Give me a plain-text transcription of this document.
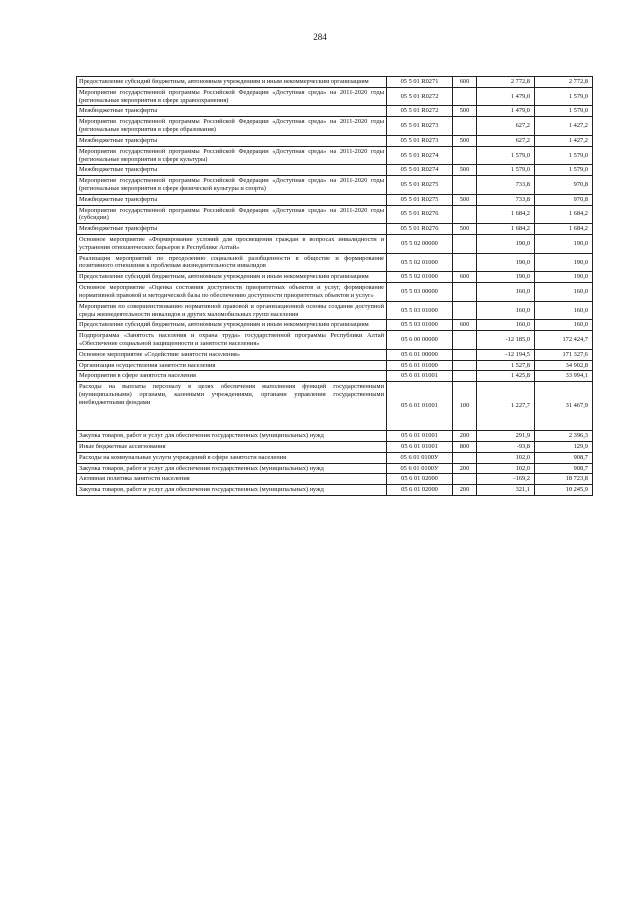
284
Предоставление субсидий бюджетным, автономным учреждениям и иным некоммерческим организациям	05 5 01 R0271	600	2 772,8	2 772,8
Мероприятия государственной программы Российской Федерации «Доступная среда» на 2011-2020 годы (региональные мероприятия в сфере здравоохранения)	05 5 01 R0272		1 479,0	1 579,0
Межбюджетные трансферты	05 5 01 R0272	500	1 479,0	1 579,0
Мероприятия государственной программы Российской Федерации «Доступная среда» на 2011-2020 годы (региональные мероприятия в сфере образования)	05 5 01 R0273		627,2	1 427,2
Межбюджетные трансферты	05 5 01 R0273	500	627,2	1 427,2
Мероприятия государственной программы Российской Федерации «Доступная среда» на 2011-2020 годы (региональные мероприятия в сфере культуры)	05 5 01 R0274		1 579,0	1 579,0
Межбюджетные трансферты	05 5 01 R0274	500	1 579,0	1 579,0
Мероприятия государственной программы Российской Федерации «Доступная среда» на 2011-2020 годы (региональные мероприятия в сфере физической культуры и спорта)	05 5 01 R0275		733,8	970,8
Межбюджетные трансферты	05 5 01 R0275	500	733,8	970,8
Мероприятия государственной программы Российской Федерации «Доступная среда» на 2011-2020 годы (субсидии)	05 5 01 R0276		1 684,2	1 684,2
Межбюджетные трансферты	05 5 01 R0276	500	1 684,2	1 684,2
Основное мероприятие «Формирование условий для просвещения граждан в вопросах инвалидности и устранения отношенческих барьеров в Республике Алтай»	05 5 02 00000		190,0	190,0
Реализация мероприятий по преодолению социальной разобщенности в обществе и формирование позитивного отношения к проблемам жизнедеятельности инвалидов	05 5 02 01000		190,0	190,0
Предоставление субсидий бюджетным, автономным учреждениям и иным некоммерческим организациям	05 5 02 01000	600	190,0	190,0
Основное мероприятие «Оценка состояния доступности приоритетных объектов и услуг, формирование нормативной правовой и методической базы по обеспечению доступности приоритетных объектов и услуг»	05 5 03 00000		160,0	160,0
Мероприятия по совершенствованию нормативной правовой и организационной основы создания доступной среды жизнедеятельности инвалидов и других маломобильных групп населения	05 5 03 01000		160,0	160,0
Предоставление субсидий бюджетным, автономным учреждениям и иным некоммерческим организациям	05 5 03 01000	600	160,0	160,0
Подпрограмма «Занятость населения и охрана труда» государственной программы Республики Алтай «Обеспечение социальной защищенности и занятости населения»	05 6 00 00000		-12 185,0	172 424,7
Основное мероприятие «Содействие занятости населения»	05 6 01 00000		-12 194,5	171 327,6
Организация осуществления занятости населения	05 6 01 01000		1 527,8	34 902,8
Мероприятия в сфере занятости населения	05 6 01 01001		1 425,8	33 994,1
Расходы на выплаты персоналу в целях обеспечения выполнения функций государственными (муниципальными) органами, казенными учреждениями, органами управления государственными внебюджетными фондами	05 6 01 01001	100	1 227,7	31 467,9
Закупка товаров, работ и услуг для обеспечения государственных (муниципальных) нужд	05 6 01 01001	200	291,9	2 396,3
Иные бюджетные ассигнования	05 6 01 01001	800	-93,8	129,9
Расходы на коммунальные услуги учреждений в сфере занятости населения	05 6 01 0100У		102,0	908,7
Закупка товаров, работ и услуг для обеспечения государственных (муниципальных) нужд	05 6 01 0100У	200	102,0	908,7
Активная политика занятости населения	05 6 01 02000		-169,2	18 723,8
Закупка товаров, работ и услуг для обеспечения государственных (муниципальных) нужд	05 6 01 02000	200	321,1	10 245,9
